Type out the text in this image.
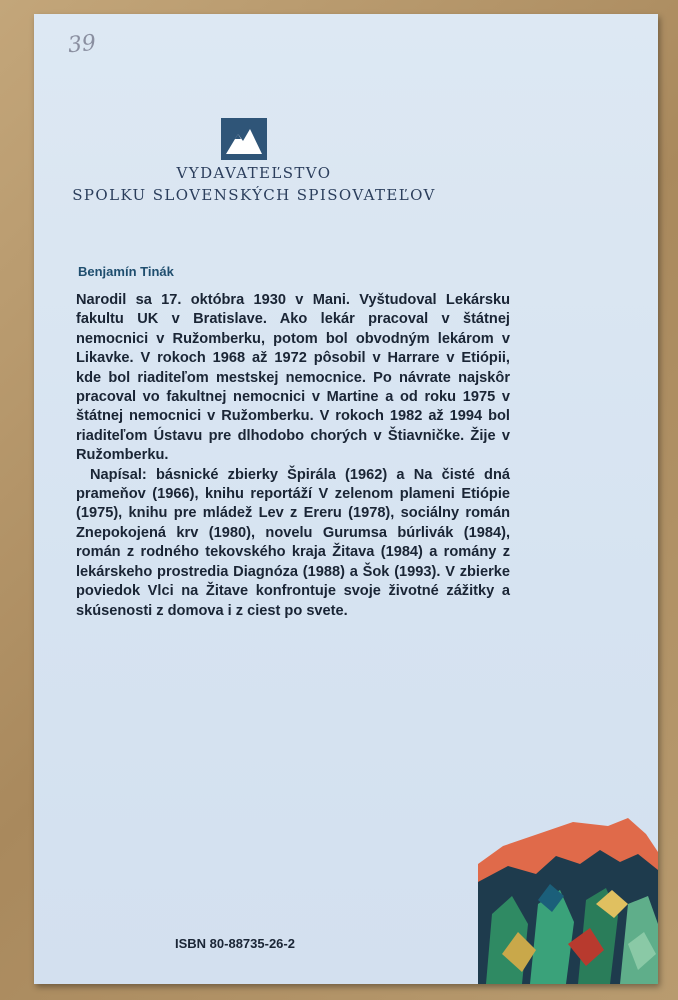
39
VYDAVATEĽSTVO
SPOLKU SLOVENSKÝCH SPISOVATEĽOV
Benjamín Tinák

Narodil sa 17. októbra 1930 v Mani. Vyštudoval Lekársku fakultu UK v Bratislave. Ako lekár pracoval v štátnej nemocnici v Ružomberku, potom bol obvodným lekárom v Likavke. V rokoch 1968 až 1972 pôsobil v Harrare v Etiópii, kde bol riaditeľom mestskej nemocnice. Po návrate najskôr pracoval vo fakultnej nemocnici v Martine a od roku 1975 v štátnej nemocnici v Ružomberku. V rokoch 1982 až 1994 bol riaditeľom Ústavu pre dlhodobo chorých v Štiavničke. Žije v Ružomberku.

Napísal: básnické zbierky Špirála (1962) a Na čisté dná prameňov (1966), knihu reportáží V zelenom plameni Etiópie (1975), knihu pre mládež Lev z Ereru (1978), sociálny román Znepokojená krv (1980), novelu Gurumsa búrlivák (1984), román z rodného tekovského kraja Žitava (1984) a romány z lekárskeho prostredia Diagnóza (1988) a Šok (1993). V zbierke poviedok Vlci na Žitave konfrontuje svoje životné zážitky a skúsenosti z domova i z ciest po svete.

ISBN 80-88735-26-2
